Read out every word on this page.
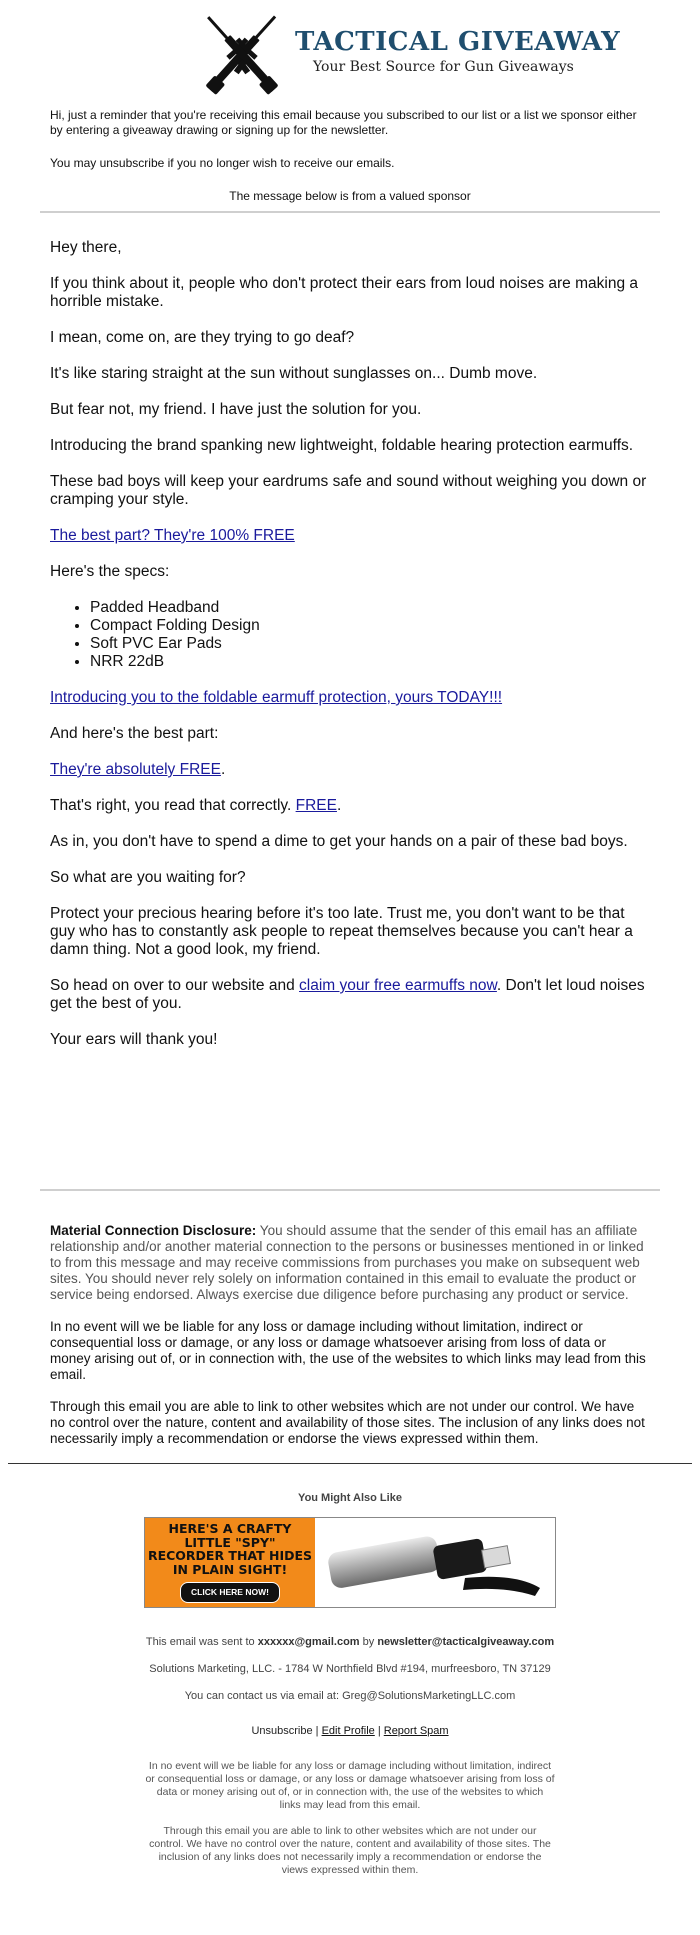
TACTICAL GIVEAWAY
Your Best Source for Gun Giveaways

Hi, just a reminder that you're receiving this email because you subscribed to our list or a list we sponsor either by entering a giveaway drawing or signing up for the newsletter.

You may unsubscribe if you no longer wish to receive our emails.

The message below is from a valued sponsor

Hey there,

If you think about it, people who don't protect their ears from loud noises are making a horrible mistake.

I mean, come on, are they trying to go deaf?

It's like staring straight at the sun without sunglasses on... Dumb move.

But fear not, my friend. I have just the solution for you.

Introducing the brand spanking new lightweight, foldable hearing protection earmuffs.

These bad boys will keep your eardrums safe and sound without weighing you down or cramping your style.

The best part? They're 100% FREE

Here's the specs:

• Padded Headband
• Compact Folding Design
• Soft PVC Ear Pads
• NRR 22dB

Introducing you to the foldable earmuff protection, yours TODAY!!!

And here's the best part:

They're absolutely FREE.

That's right, you read that correctly. FREE.

As in, you don't have to spend a dime to get your hands on a pair of these bad boys.

So what are you waiting for?

Protect your precious hearing before it's too late. Trust me, you don't want to be that guy who has to constantly ask people to repeat themselves because you can't hear a damn thing. Not a good look, my friend.

So head on over to our website and claim your free earmuffs now. Don't let loud noises
get the best of you.

Your ears will thank you!

Material Connection Disclosure: You should assume that the sender of this email has an affiliate relationship and/or another material connection to the persons or businesses mentioned in or linked to from this message and may receive commissions from purchases you make on subsequent web sites. You should never rely solely on information contained in this email to evaluate the product or service being endorsed. Always exercise due diligence before purchasing any product or service.

In no event will we be liable for any loss or damage including without limitation, indirect or consequential loss or damage, or any loss or damage whatsoever arising from loss of data or money arising out of, or in connection with, the use of the websites to which links may lead from this email.

Through this email you are able to link to other websites which are not under our control. We have no control over the nature, content and availability of those sites. The inclusion of any links does not necessarily imply a recommendation or endorse the views expressed within them.

You Might Also Like
HERE'S A CRAFTY LITTLE "SPY" RECORDER THAT HIDES IN PLAIN SIGHT!
CLICK HERE NOW!
This email was sent to xxxxxx@gmail.com by newsletter@tacticalgiveaway.com
Solutions Marketing, LLC. - 1784 W Northfield Blvd #194, murfreesboro, TN 37129
You can contact us via email at: Greg@SolutionsMarketingLLC.com
Unsubscribe | Edit Profile | Report Spam

In no event will we be liable for any loss or damage including without limitation, indirect or consequential loss or damage, or any loss or damage whatsoever arising from loss of data or money arising out of, or in connection with, the use of the websites to which links may lead from this email.

Through this email you are able to link to other websites which are not under our control. We have no control over the nature, content and availability of those sites. The inclusion of any links does not necessarily imply a recommendation or endorse the views expressed within them.
